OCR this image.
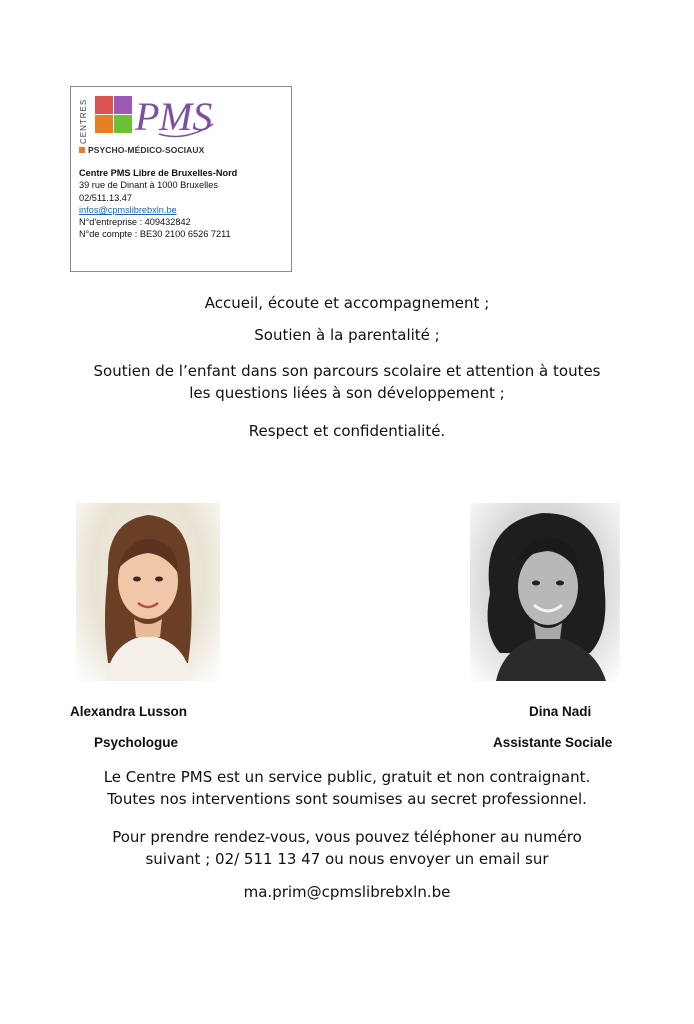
CENTRES P MS
PSYCHO-MÉDICO-SOCIAUX
Centre PMS Libre de Bruxelles-Nord
39 rue de Dinant à 1000 Bruxelles
02/511.13.47
infos@cpmslibrebxln.be
N°d'entreprise : 409432842
N°de compte : BE30 2100 6526 7211
Accueil, écoute et accompagnement ;
Soutien à la parentalité ;
Soutien de l’enfant dans son parcours scolaire et attention à toutes
les questions liées à son développement ;
Respect et confidentialité.
Alexandra Lusson
Psychologue
Dina Nadi
Assistante Sociale
Le Centre PMS est un service public, gratuit et non contraignant.
Toutes nos interventions sont soumises au secret professionnel.
Pour prendre rendez-vous, vous pouvez téléphoner au numéro
suivant ; 02/ 511 13 47 ou nous envoyer un email sur
ma.prim@cpmslibrebxln.be
